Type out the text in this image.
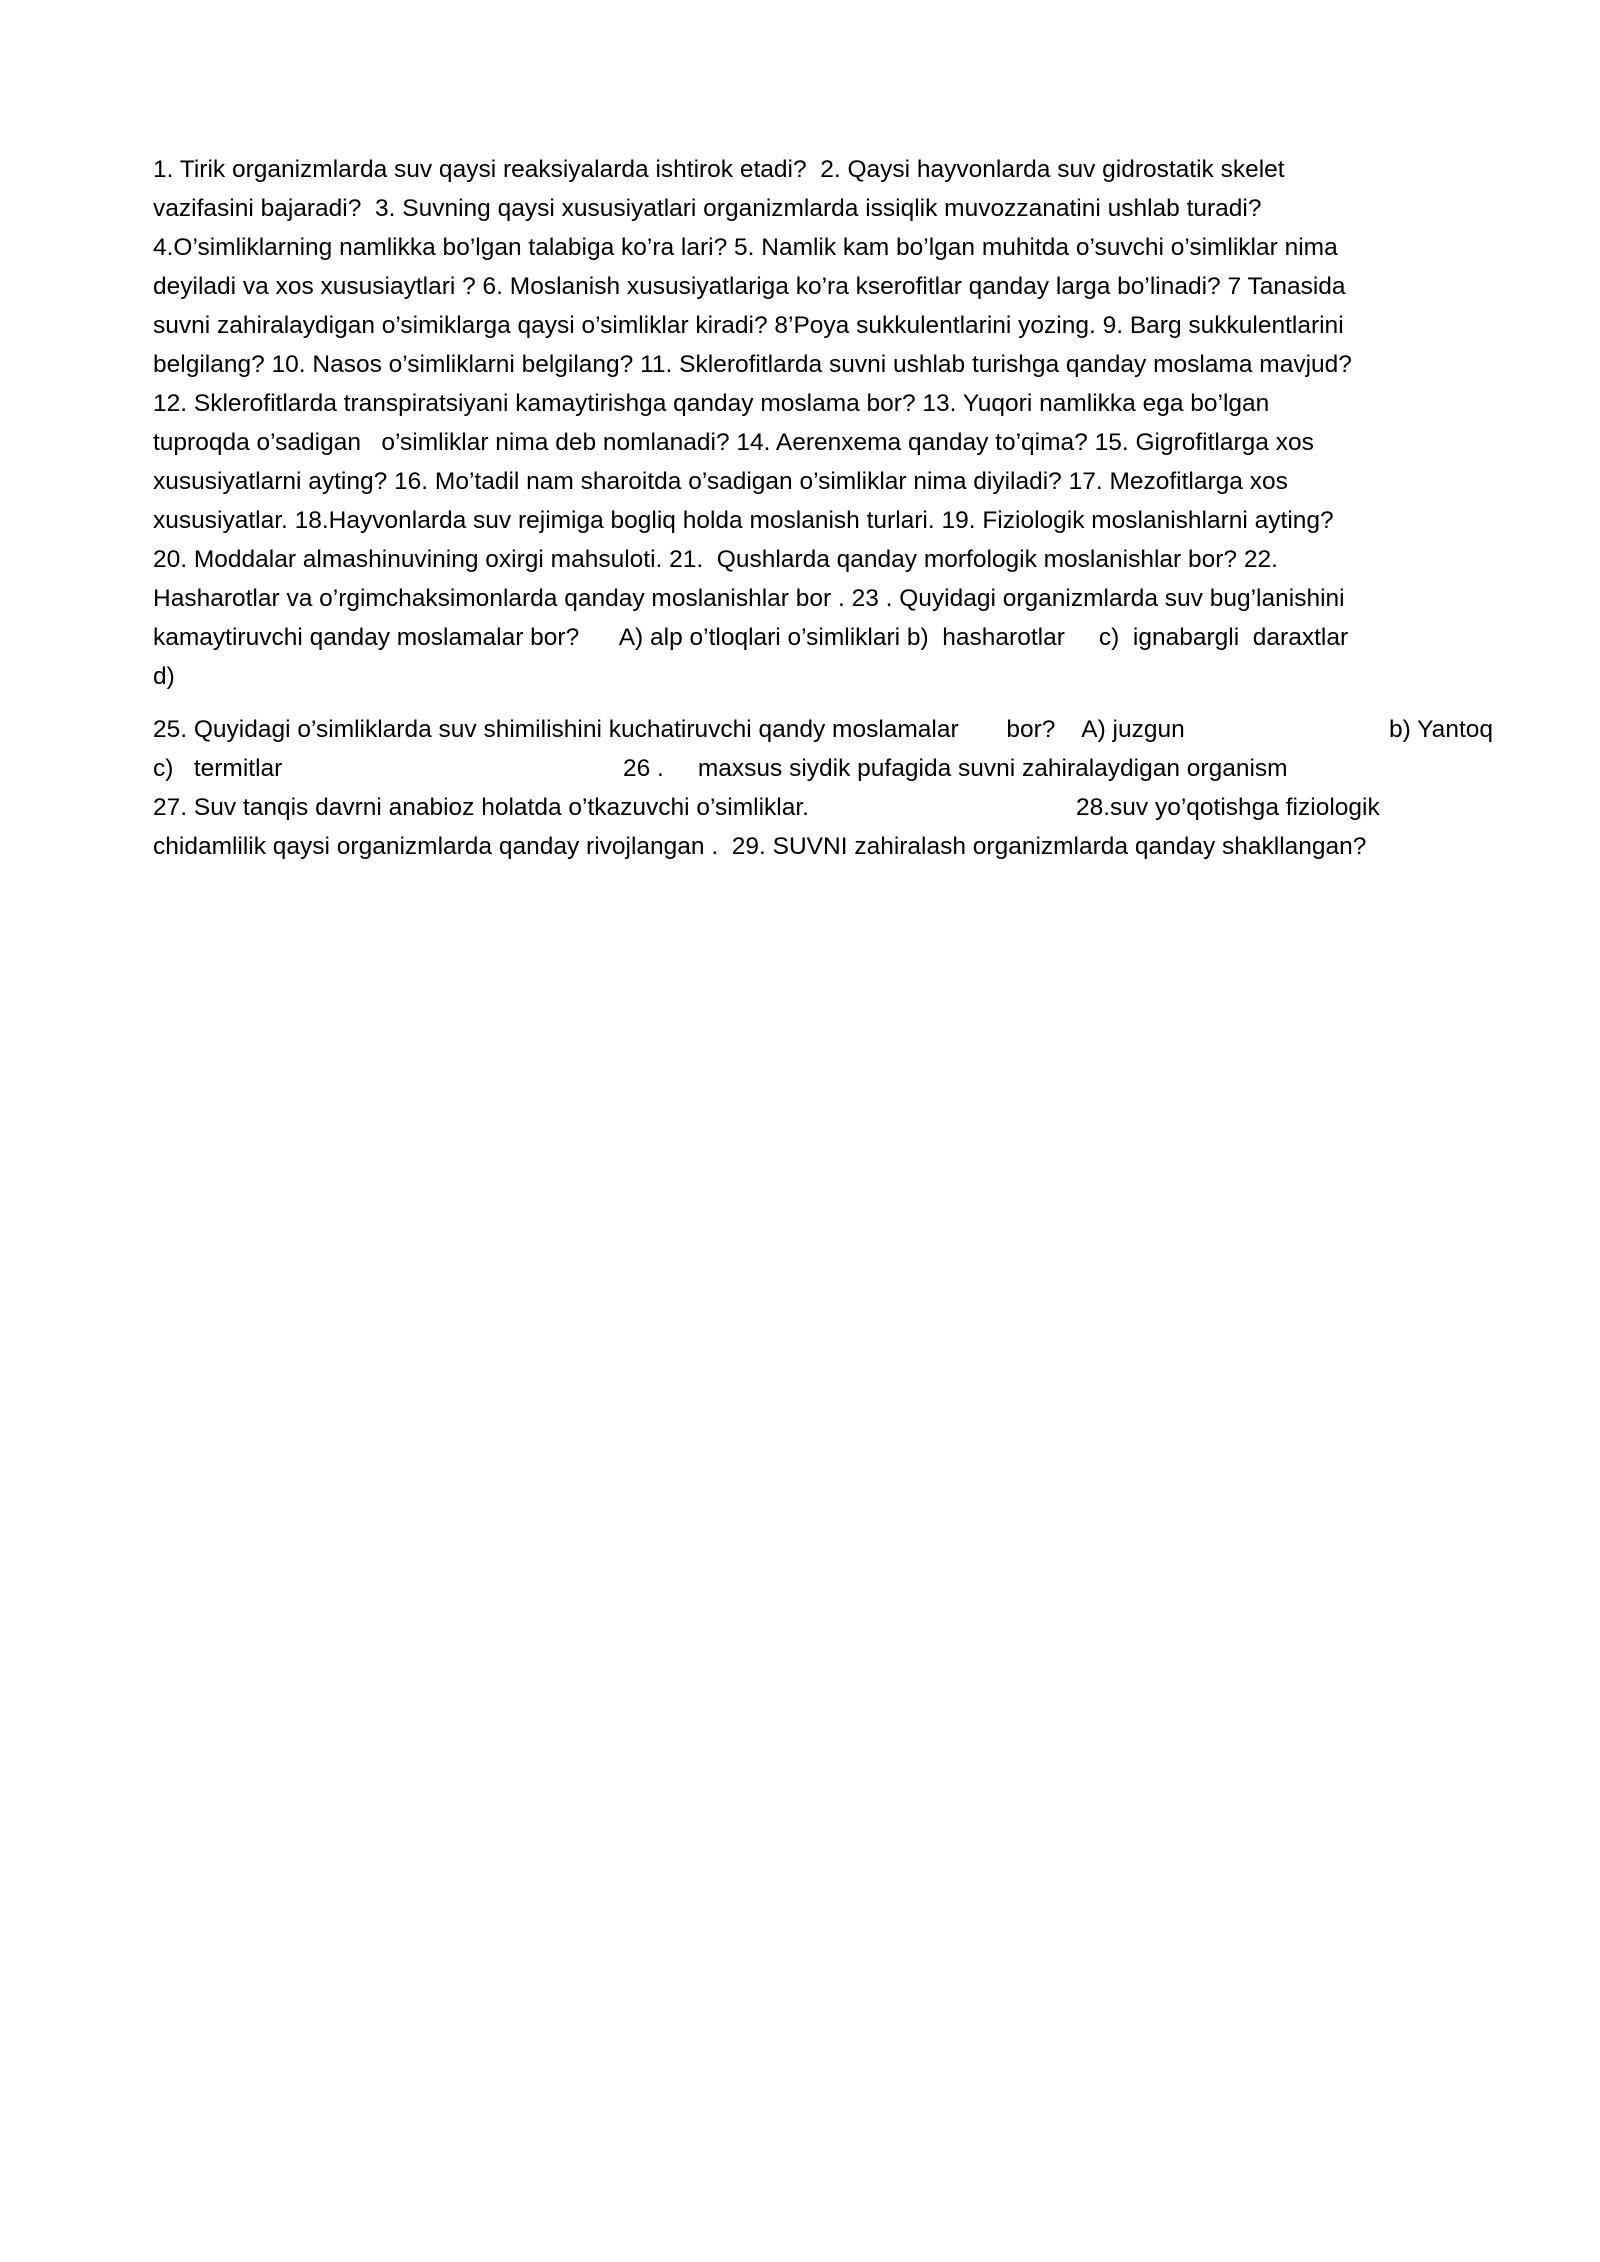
1. Tirik organizmlarda suv qaysi reaksiyalarda ishtirok etadi?  2. Qaysi hayvonlarda suv gidrostatik skelet
vazifasini bajaradi?  3. Suvning qaysi xususiyatlari organizmlarda issiqlik muvozzanatini ushlab turadi?
4.O’simliklarning namlikka bo’lgan talabiga ko’ra lari? 5. Namlik kam bo’lgan muhitda o’suvchi o’simliklar nima
deyiladi va xos xususiaytlari ? 6. Moslanish xususiyatlariga ko’ra kserofitlar qanday larga bo’linadi? 7 Tanasida
suvni zahiralaydigan o’simiklarga qaysi o’simliklar kiradi? 8’Poya sukkulentlarini yozing. 9. Barg sukkulentlarini
belgilang? 10. Nasos o’simliklarni belgilang? 11. Sklerofitlarda suvni ushlab turishga qanday moslama mavjud?
12. Sklerofitlarda transpiratsiyani kamaytirishga qanday moslama bor? 13. Yuqori namlikka ega bo’lgan
tuproqda o’sadigan   o’simliklar nima deb nomlanadi? 14. Aerenxema qanday to’qima? 15. Gigrofitlarga xos
xususiyatlarni ayting? 16. Mo’tadil nam sharoitda o’sadigan o’simliklar nima diyiladi? 17. Mezofitlarga xos
xususiyatlar. 18.Hayvonlarda suv rejimiga bogliq holda moslanish turlari. 19. Fiziologik moslanishlarni ayting?
20. Moddalar almashinuvining oxirgi mahsuloti. 21.  Qushlarda qanday morfologik moslanishlar bor? 22.
Hasharotlar va o’rgimchaksimonlarda qanday moslanishlar bor . 23 . Quyidagi organizmlarda suv bug’lanishini
kamaytiruvchi qanday moslamalar bor?      A) alp o’tloqlari o’simliklari b)  hasharotlar     c)  ignabargli  daraxtlar
d)

25. Quyidagi o’simliklarda suv shimilishini kuchatiruvchi qandy moslamalar       bor?    A) juzgun	b) Yantoq
c)   termitlar	26 .     maxsus siydik pufagida suvni zahiralaydigan organism
27. Suv tanqis davrni anabioz holatda o’tkazuvchi o’simliklar.	28.suv yo’qotishga fiziologik
chidamlilik qaysi organizmlarda qanday rivojlangan .  29. SUVNI zahiralash organizmlarda qanday shakllangan?
